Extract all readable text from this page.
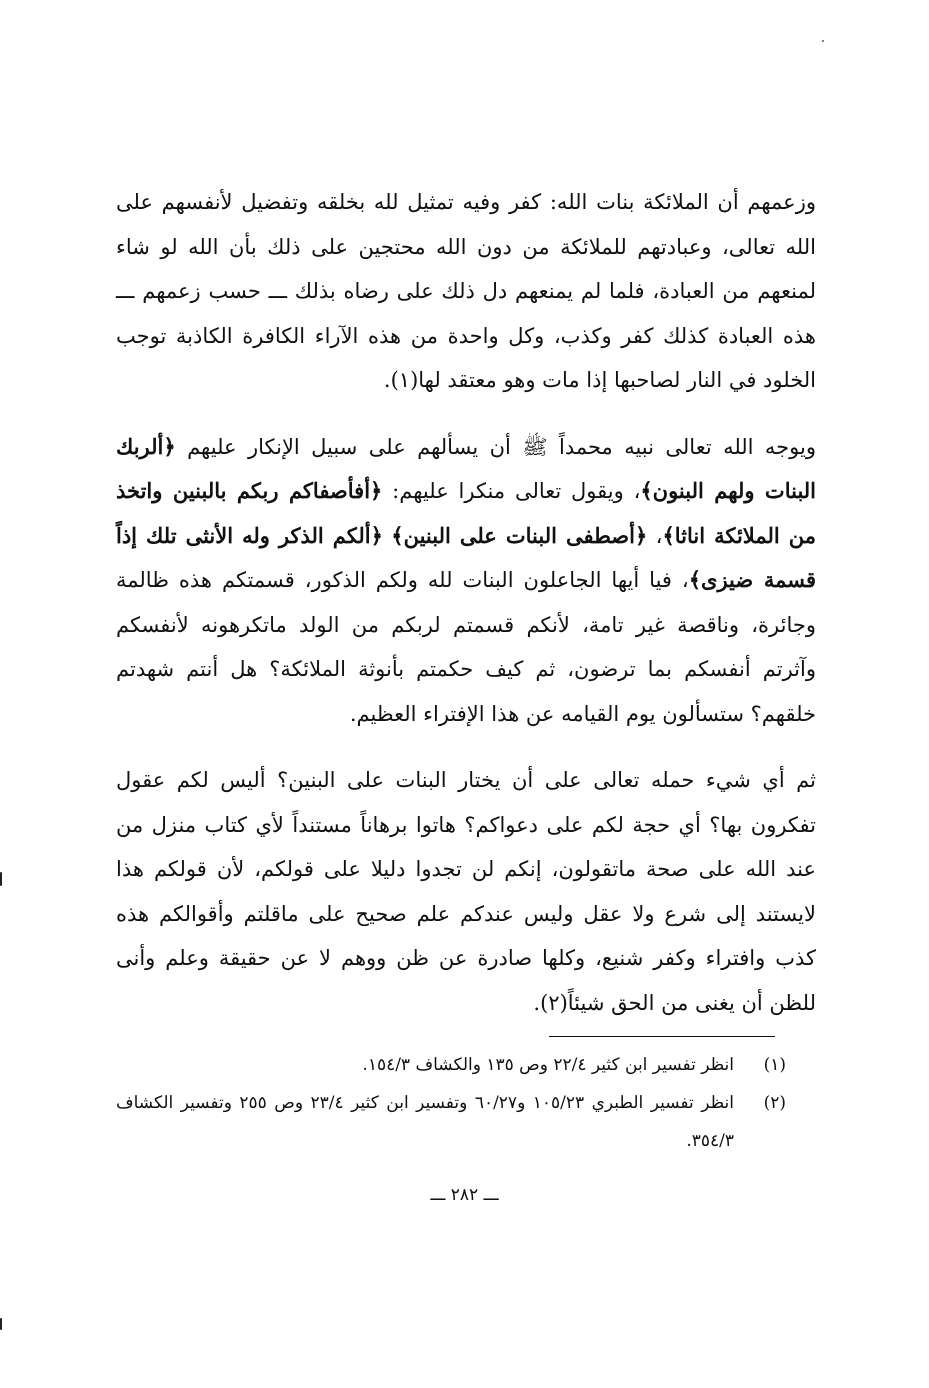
وزعمهم أن الملائكة بنات الله: كفر وفيه تمثيل لله بخلقه وتفضيل لأنفسهم على الله تعالى، وعبادتهم للملائكة من دون الله محتجين على ذلك بأن الله لو شاء لمنعهم من العبادة، فلما لم يمنعهم دل ذلك على رضاه بذلك ـــ حسب زعمهم ـــ هذه العبادة كذلك كفر وكذب، وكل واحدة من هذه الآراء الكافرة الكاذبة توجب الخلود في النار لصاحبها إذا مات وهو معتقد لها(١).

ويوجه الله تعالى نبيه محمداً ﷺ أن يسألهم على سبيل الإنكار عليهم ﴿ألربك البنات ولهم البنون﴾، ويقول تعالى منكرا عليهم: ﴿أفأصفاكم ربكم بالبنين واتخذ من الملائكة اناثا﴾، ﴿أصطفى البنات على البنين﴾ ﴿ألكم الذكر وله الأنثى تلك إذاً قسمة ضيزى﴾، فيا أيها الجاعلون البنات لله ولكم الذكور، قسمتكم هذه ظالمة وجائرة، وناقصة غير تامة، لأنكم قسمتم لربكم من الولد ماتكرهونه لأنفسكم وآثرتم أنفسكم بما ترضون، ثم كيف حكمتم بأنوثة الملائكة؟ هل أنتم شهدتم خلقهم؟ ستسألون يوم القيامه عن هذا الإفتراء العظيم.

ثم أي شيء حمله تعالى على أن يختار البنات على البنين؟ أليس لكم عقول تفكرون بها؟ أي حجة لكم على دعواكم؟ هاتوا برهاناً مستنداً لأي كتاب منزل من عند الله على صحة ماتقولون، إنكم لن تجدوا دليلا على قولكم، لأن قولكم هذا لايستند إلى شرع ولا عقل وليس عندكم علم صحيح على ماقلتم وأقوالكم هذه كذب وافتراء وكفر شنيع، وكلها صادرة عن ظن ووهم لا عن حقيقة وعلم وأنى للظن أن يغنى من الحق شيئاً(٢).

(١)
انظر تفسير ابن كثير ٢٢/٤ وص ١٣٥ والكشاف ١٥٤/٣.
(٢)
انظر تفسير الطبري ١٠٥/٢٣ و٦٠/٢٧ وتفسير ابن كثير ٢٣/٤ وص ٢٥٥ وتفسير الكشاف ٣٥٤/٣.
ـــ ٢٨٢ ـــ
